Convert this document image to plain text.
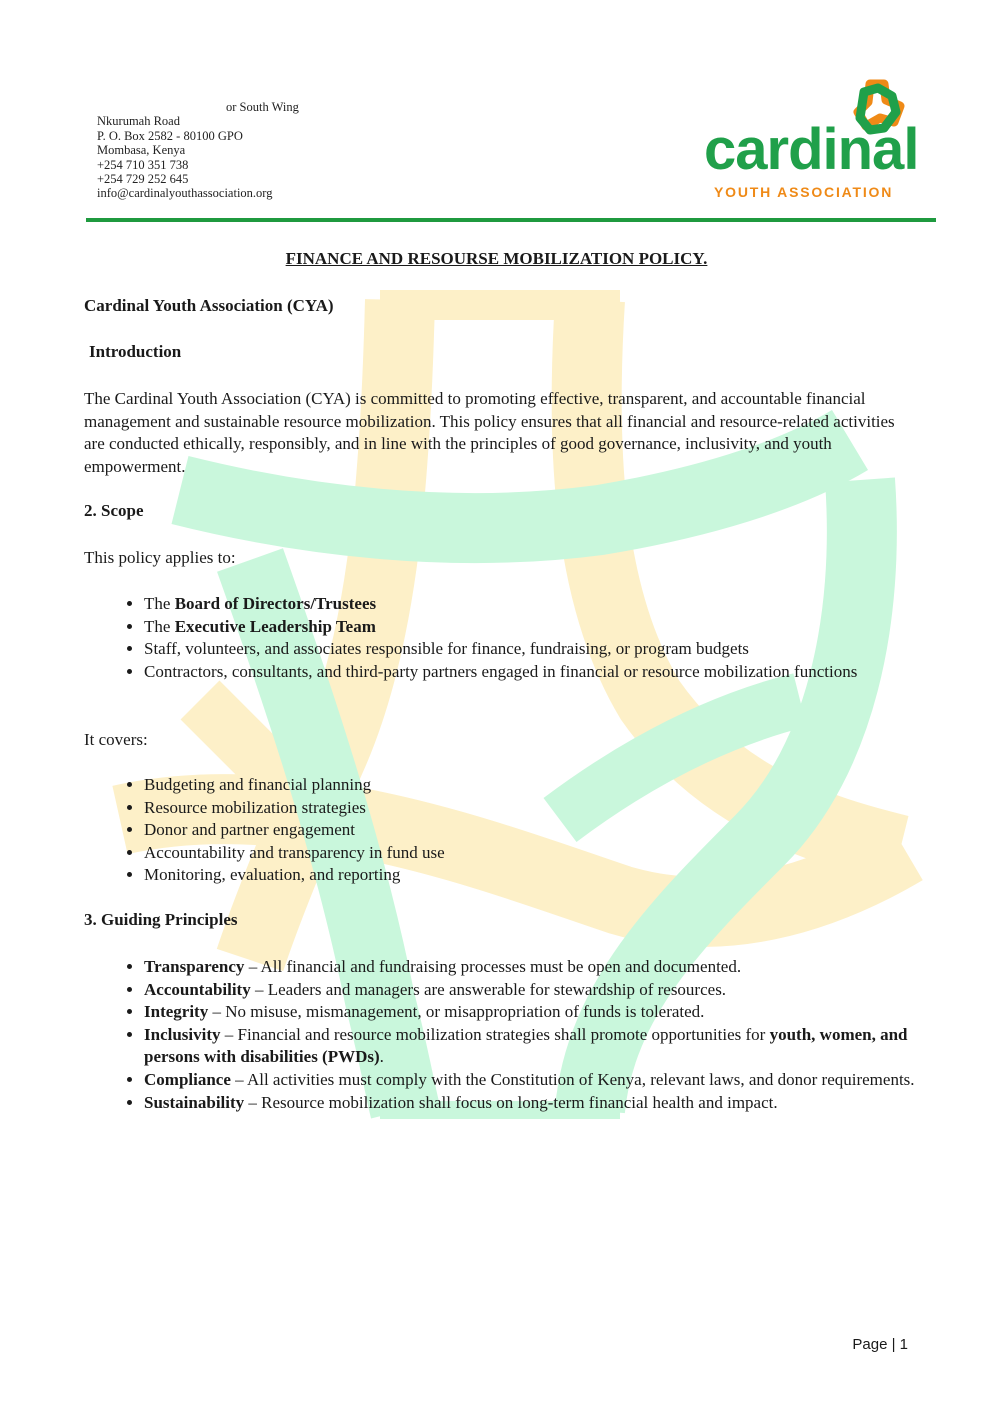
or South Wing
Nkurumah Road
P. O. Box 2582 - 80100 GPO
Mombasa, Kenya
+254 710 351 738
+254 729 252 645
info@cardinalyouthassociation.org
cardinal
YOUTH ASSOCIATION
FINANCE AND RESOURSE MOBILIZATION POLICY.
Cardinal Youth Association (CYA)
Introduction
The Cardinal Youth Association (CYA) is committed to promoting effective, transparent, and accountable financial management and sustainable resource mobilization. This policy ensures that all financial and resource-related activities are conducted ethically, responsibly, and in line with the principles of good governance, inclusivity, and youth empowerment.
2. Scope
This policy applies to:
• The Board of Directors/Trustees
• The Executive Leadership Team
• Staff, volunteers, and associates responsible for finance, fundraising, or program budgets
• Contractors, consultants, and third-party partners engaged in financial or resource mobilization functions
It covers:
• Budgeting and financial planning
• Resource mobilization strategies
• Donor and partner engagement
• Accountability and transparency in fund use
• Monitoring, evaluation, and reporting
3. Guiding Principles
• Transparency – All financial and fundraising processes must be open and documented.
• Accountability – Leaders and managers are answerable for stewardship of resources.
• Integrity – No misuse, mismanagement, or misappropriation of funds is tolerated.
• Inclusivity – Financial and resource mobilization strategies shall promote opportunities for youth, women, and persons with disabilities (PWDs).
• Compliance – All activities must comply with the Constitution of Kenya, relevant laws, and donor requirements.
• Sustainability – Resource mobilization shall focus on long-term financial health and impact.
Page | 1
